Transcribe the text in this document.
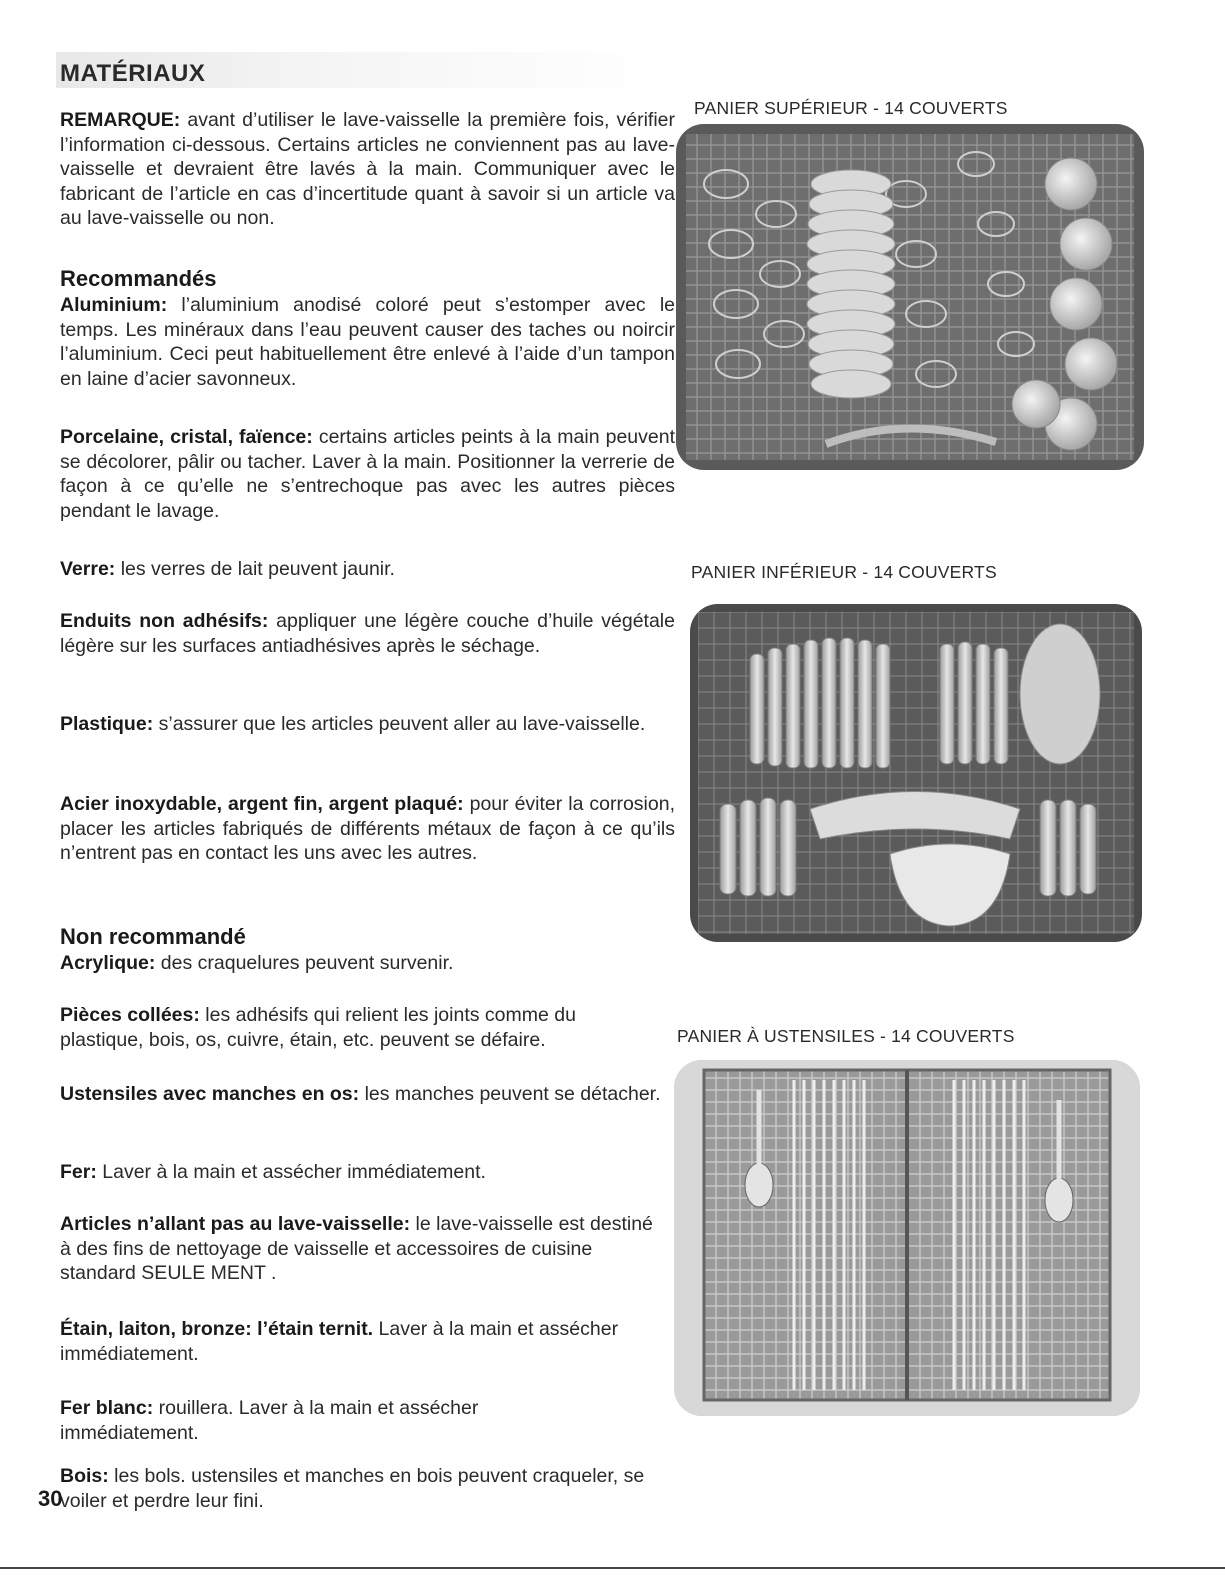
MATÉRIAUX

REMARQUE: avant d’utiliser le lave-vaisselle la première fois, vérifier l’information ci-dessous. Certains articles ne conviennent pas au lave-vaisselle et devraient être lavés à la main. Communiquer avec le fabricant de l’article en cas d’incertitude quant à savoir si un article va au lave-vaisselle ou non.

Recommandés

Aluminium: l’aluminium anodisé coloré peut s’estomper avec le temps. Les minéraux dans l’eau peuvent causer des taches ou noircir l’aluminium. Ceci peut habituellement être enlevé à l’aide d’un tampon en laine d’acier savonneux.

Porcelaine, cristal, faïence: certains articles peints à la main peuvent se décolorer, pâlir ou tacher. Laver à la main. Positionner la verrerie de façon à ce qu’elle ne s’entrechoque pas avec les autres pièces pendant le lavage.

Verre: les verres de lait peuvent jaunir.

Enduits non adhésifs: appliquer une légère couche d’huile végétale légère sur les surfaces antiadhésives après le séchage.

Plastique: s’assurer que les articles peuvent aller au lave-vaisselle.

Acier inoxydable, argent fin, argent plaqué: pour éviter la corrosion, placer les articles fabriqués de différents métaux de façon à ce qu’ils n’entrent pas en contact les uns avec les autres.

Non recommandé

Acrylique: des craquelures peuvent survenir.

Pièces collées: les adhésifs qui relient les joints comme du plastique, bois, os, cuivre, étain, etc. peuvent se défaire.

Ustensiles avec manches en os: les manches peuvent se détacher.

Fer: Laver à la main et assécher immédiatement.

Articles n’allant pas au lave-vaisselle: le lave-vaisselle est destiné à des fins de nettoyage de vaisselle et accessoires de cuisine standard SEULE MENT .

Étain, laiton, bronze: l’étain ternit. Laver à la main et assécher immédiatement.

Fer blanc: rouillera. Laver à la main et assécher immédiatement.

Bois: les bols. ustensiles et manches en bois peuvent craqueler, se voiler et perdre leur fini.

PANIER SUPÉRIEUR - 14 COUVERTS
PANIER INFÉRIEUR - 14 COUVERTS
PANIER À USTENSILES - 14 COUVERTS
30
